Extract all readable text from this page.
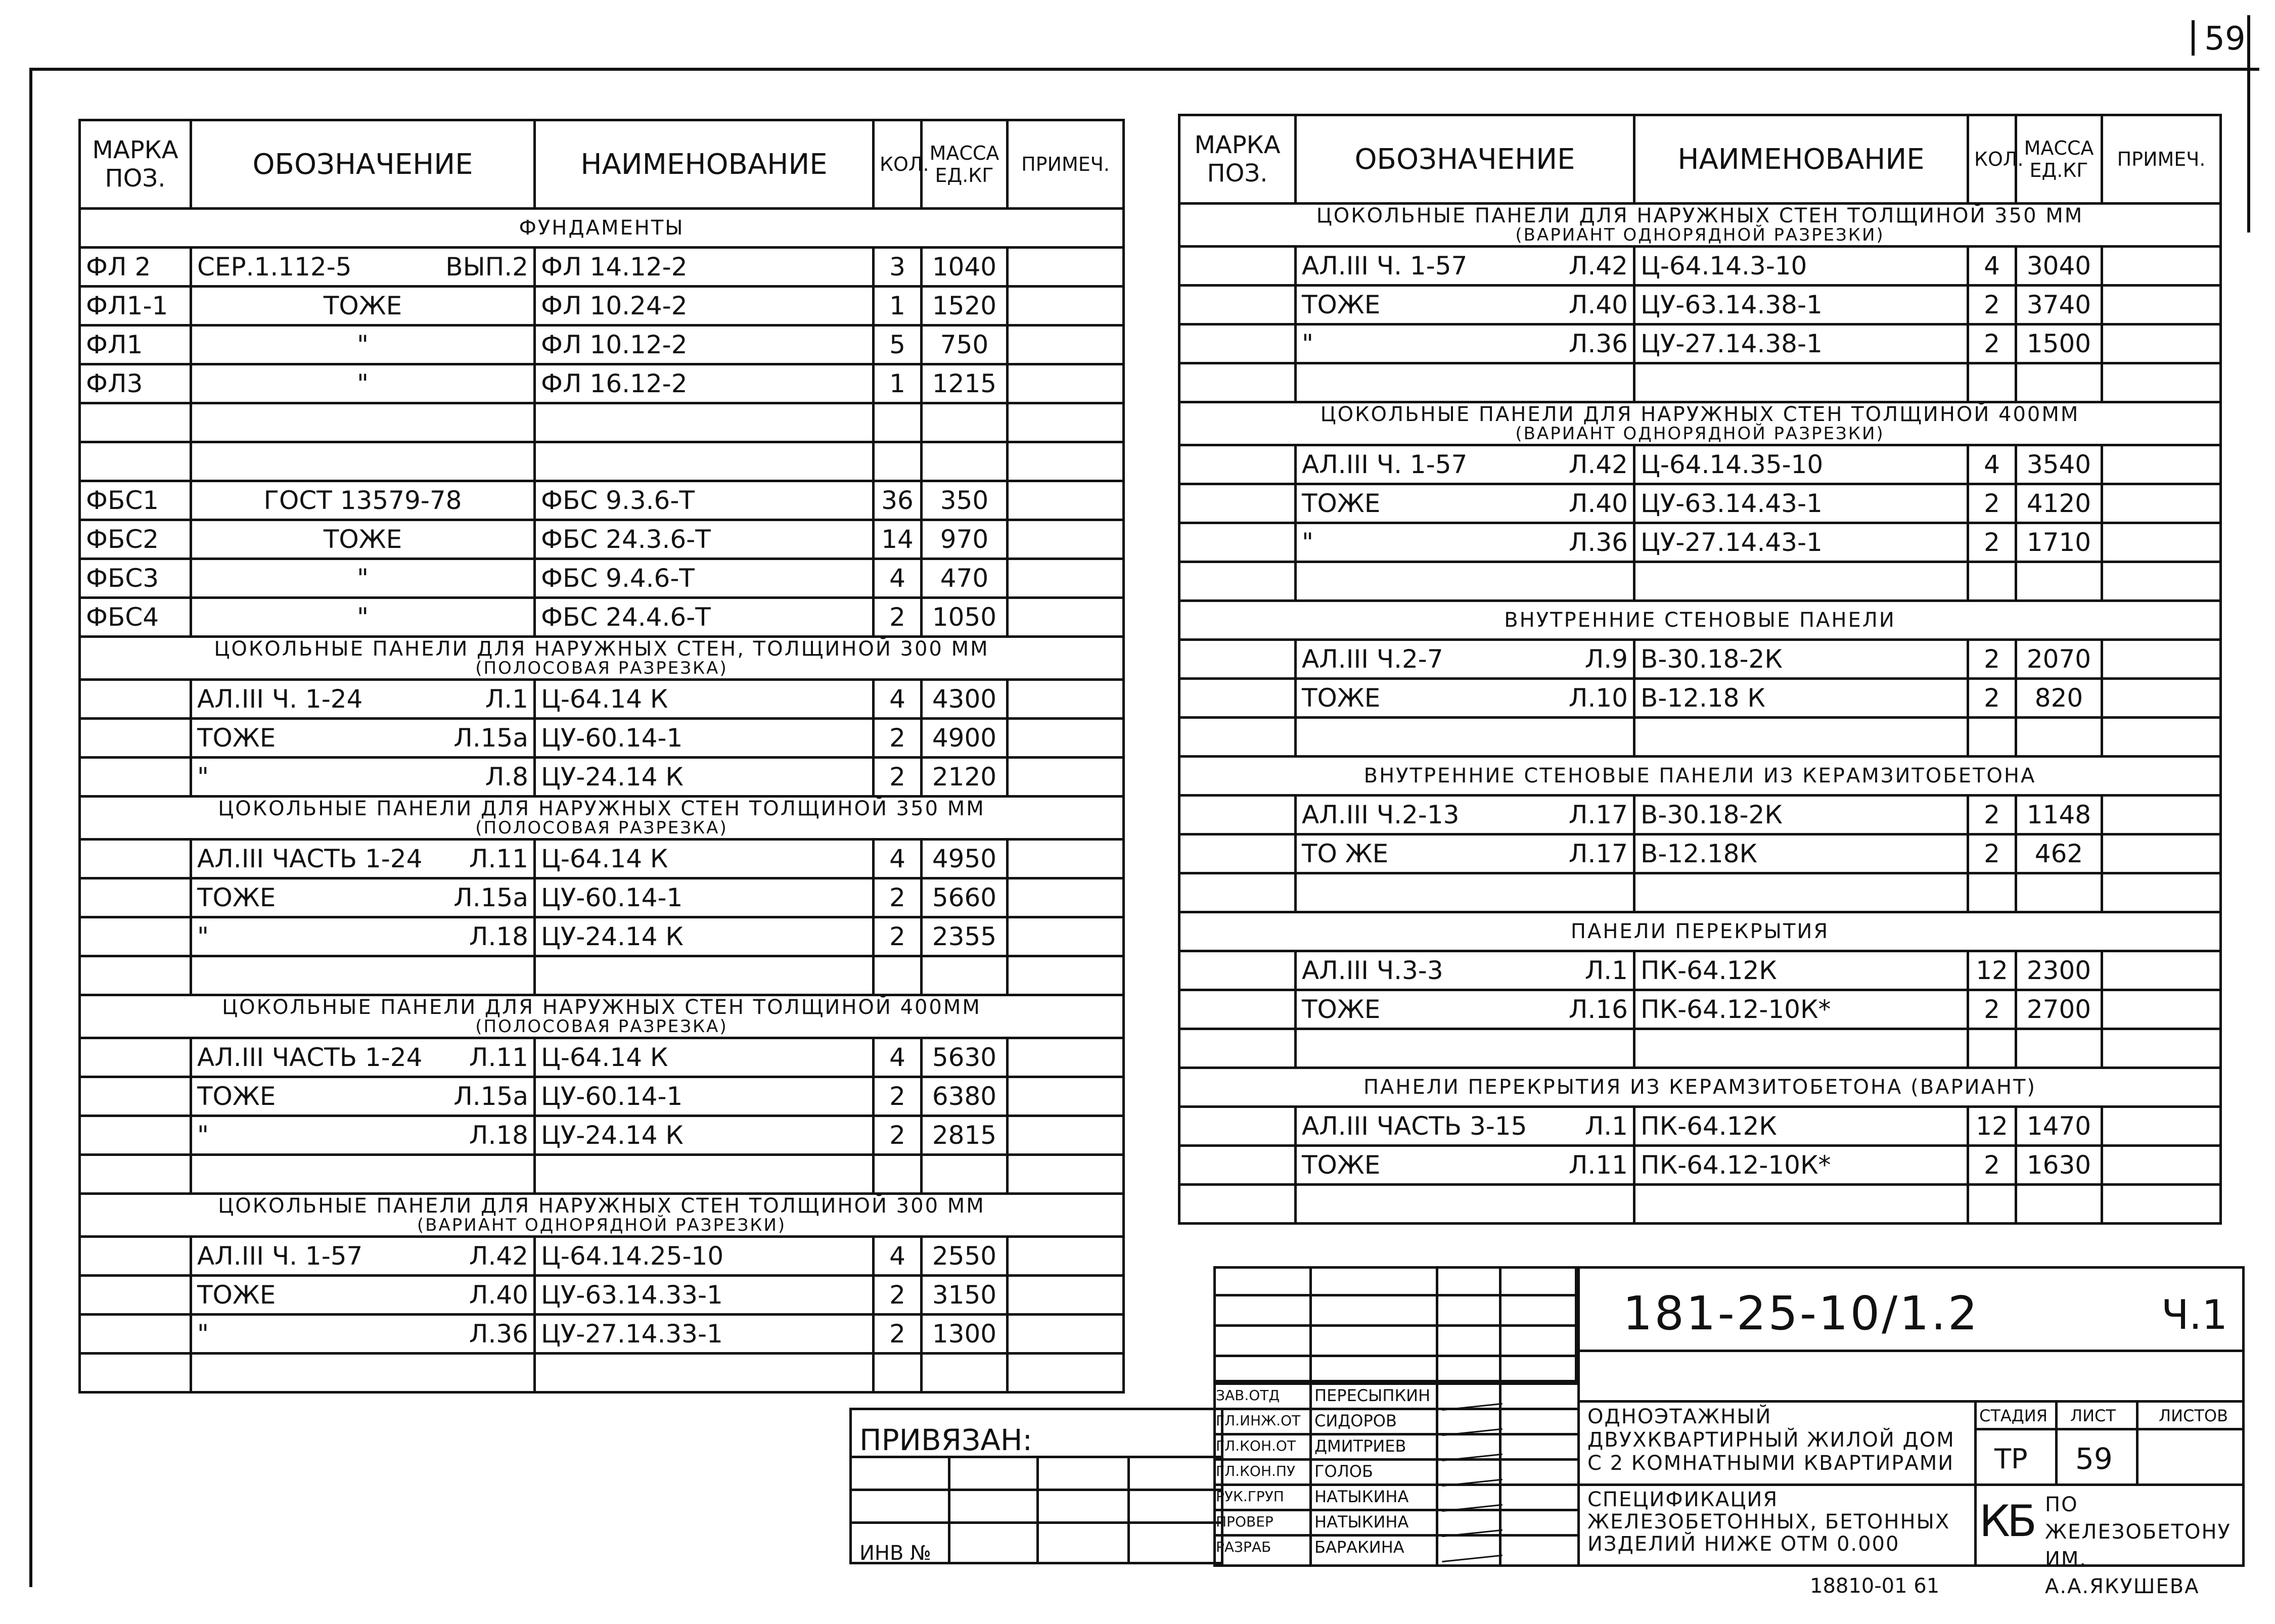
59
МАРКА ПОЗ.	ОБОЗНАЧЕНИЕ	НАИМЕНОВАНИЕ	КОЛ.	МАССА ЕД.КГ	ПРИМЕЧ.
ФУНДАМЕНТЫ					
ФЛ 2	СЕР.1.112-5 ВЫП.2	ФЛ 14.12-2	3	1040	
ФЛ1-1	ТОЖЕ	ФЛ 10.24-2	1	1520	
ФЛ1	"	ФЛ 10.12-2	5	750	
ФЛ3	"	ФЛ 16.12-2	1	1215	

ФБС1	ГОСТ 13579-78	ФБС 9.3.6-Т	36	350	
ФБС2	ТОЖЕ	ФБС 24.3.6-Т	14	970	
ФБС3	"	ФБС 9.4.6-Т	4	470	
ФБС4	"	ФБС 24.4.6-Т	2	1050	
ЦОКОЛЬНЫЕ ПАНЕЛИ ДЛЯ НАРУЖНЫХ СТЕН, ТОЛЩИНОЙ 300 ММ
(ПОЛОСОВАЯ РАЗРЕЗКА)					

	АЛ.III Ч. 1-24 Л.1	Ц-64.14 К	4	4300	

	ТОЖЕ Л.15а	ЦУ-60.14-1	2	4900	

	" Л.8	ЦУ-24.14 К	2	2120	
ЦОКОЛЬНЫЕ ПАНЕЛИ ДЛЯ НАРУЖНЫХ СТЕН ТОЛЩИНОЙ 350 ММ
(ПОЛОСОВАЯ РАЗРЕЗКА)					

	АЛ.III ЧАСТЬ 1-24 Л.11	Ц-64.14 К	4	4950	

	ТОЖЕ Л.15а	ЦУ-60.14-1	2	5660	

	" Л.18	ЦУ-24.14 К	2	2355	

ЦОКОЛЬНЫЕ ПАНЕЛИ ДЛЯ НАРУЖНЫХ СТЕН ТОЛЩИНОЙ 400ММ
(ПОЛОСОВАЯ РАЗРЕЗКА)					

	АЛ.III ЧАСТЬ 1-24 Л.11	Ц-64.14 К	4	5630	

	ТОЖЕ Л.15а	ЦУ-60.14-1	2	6380	

	" Л.18	ЦУ-24.14 К	2	2815	

ЦОКОЛЬНЫЕ ПАНЕЛИ ДЛЯ НАРУЖНЫХ СТЕН ТОЛЩИНОЙ 300 ММ
(ВАРИАНТ ОДНОРЯДНОЙ РАЗРЕЗКИ)					

	АЛ.III Ч. 1-57 Л.42	Ц-64.14.25-10	4	2550	

	ТОЖЕ Л.40	ЦУ-63.14.33-1	2	3150	

	" Л.36	ЦУ-27.14.33-1	2	1300	

МАРКА ПОЗ.	ОБОЗНАЧЕНИЕ	НАИМЕНОВАНИЕ	КОЛ.	МАССА ЕД.КГ	ПРИМЕЧ.
ЦОКОЛЬНЫЕ ПАНЕЛИ ДЛЯ НАРУЖНЫХ СТЕН ТОЛЩИНОЙ 350 ММ
(ВАРИАНТ ОДНОРЯДНОЙ РАЗРЕЗКИ)					

	АЛ.III Ч. 1-57 Л.42	Ц-64.14.3-10	4	3040	

	ТОЖЕ Л.40	ЦУ-63.14.38-1	2	3740	

	" Л.36	ЦУ-27.14.38-1	2	1500	

ЦОКОЛЬНЫЕ ПАНЕЛИ ДЛЯ НАРУЖНЫХ СТЕН ТОЛЩИНОЙ 400ММ
(ВАРИАНТ ОДНОРЯДНОЙ РАЗРЕЗКИ)					

	АЛ.III Ч. 1-57 Л.42	Ц-64.14.35-10	4	3540	

	ТОЖЕ Л.40	ЦУ-63.14.43-1	2	4120	

	" Л.36	ЦУ-27.14.43-1	2	1710	

ВНУТРЕННИЕ СТЕНОВЫЕ ПАНЕЛИ					

	АЛ.III Ч.2-7 Л.9	В-30.18-2К	2	2070	

	ТОЖЕ Л.10	В-12.18 К	2	820	

ВНУТРЕННИЕ СТЕНОВЫЕ ПАНЕЛИ ИЗ КЕРАМЗИТОБЕТОНА					

	АЛ.III Ч.2-13 Л.17	В-30.18-2К	2	1148	

	ТО ЖЕ Л.17	В-12.18К	2	462	

ПАНЕЛИ ПЕРЕКРЫТИЯ					

	АЛ.III Ч.3-3 Л.1	ПК-64.12К	12	2300	

	ТОЖЕ Л.16	ПК-64.12-10К*	2	2700	

ПАНЕЛИ ПЕРЕКРЫТИЯ ИЗ КЕРАМЗИТОБЕТОНА (ВАРИАНТ)					

	АЛ.III ЧАСТЬ 3-15 Л.1	ПК-64.12К	12	1470	

	ТОЖЕ Л.11	ПК-64.12-10К*	2	1630	

ПРИВЯЗАН:
ИНВ №
ЗАВ.ОТД ПЕРЕСЫПКИН
ГЛ.ИНЖ.ОТ СИДОРОВ
ГЛ.КОН.ОТ ДМИТРИЕВ
ГЛ.КОН.ПУ ГОЛОБ
РУК.ГРУП НАТЫКИНА
ПРОВЕР	НАТЫКИНА
РАЗРАБ	БАРАКИНА
181-25-10/1.2	Ч.1
ОДНОЭТАЖНЫЙ ДВУХКВАРТИРНЫЙ ЖИЛОЙ ДОМ С 2 КОМНАТНЫМИ КВАРТИРАМИ
СПЕЦИФИКАЦИЯ ЖЕЛЕЗОБЕТОННЫХ, БЕТОННЫХ ИЗДЕЛИЙ НИЖЕ ОТМ 0.000
СТАДИЯ ЛИСТ	ЛИСТОВ
ТР 59
КБ ПО ЖЕЛЕЗОБЕТОНУ ИМ. А.А.ЯКУШЕВА
18810-01 61
